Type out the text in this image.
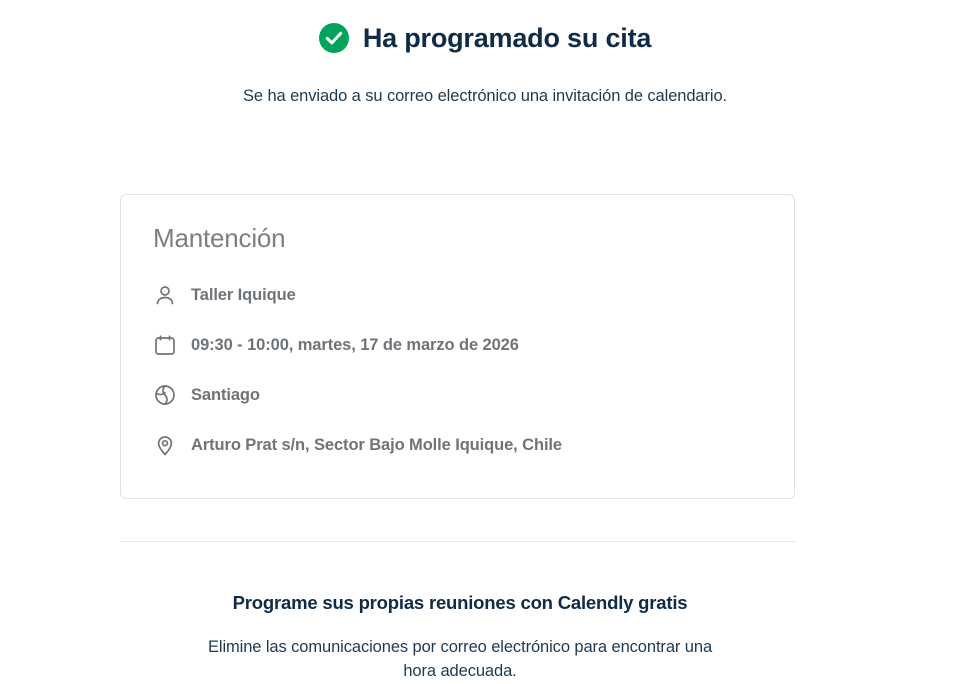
Ha programado su cita

Se ha enviado a su correo electrónico una invitación de calendario.

Mantención
Taller Iquique
09:30 - 10:00, martes, 17 de marzo de 2026
Santiago
Arturo Prat s/n, Sector Bajo Molle Iquique, Chile

Programe sus propias reuniones con Calendly gratis

Elimine las comunicaciones por correo electrónico para encontrar una
hora adecuada.
